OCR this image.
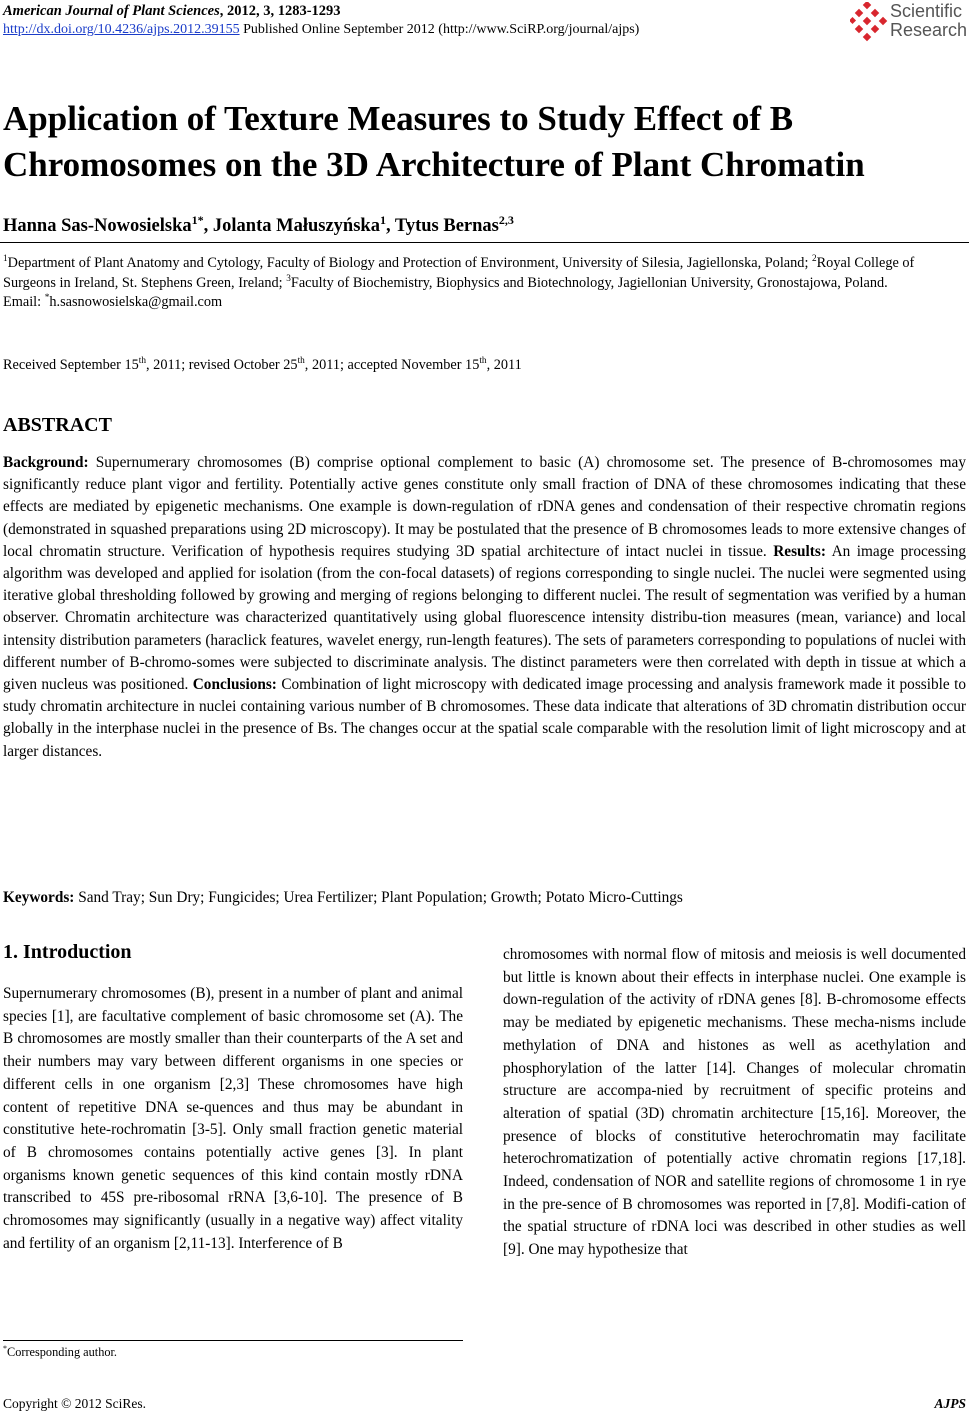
American Journal of Plant Sciences, 2012, 3, 1283-1293
http://dx.doi.org/10.4236/ajps.2012.39155 Published Online September 2012 (http://www.SciRP.org/journal/ajps)
Scientific
Research
Application of Texture Measures to Study Effect of B Chromosomes on the 3D Architecture of Plant Chromatin
Hanna Sas-Nowosielska$^{1*}$, Jolanta Małuszyńska$^1$, Tytus Bernas$^{2,3}$
$^1$Department of Plant Anatomy and Cytology, Faculty of Biology and Protection of Environment, University of Silesia, Jagiellonska, Poland; $^2$Royal College of Surgeons in Ireland, St. Stephens Green, Ireland; $^3$Faculty of Biochemistry, Biophysics and Biotechnology, Jagiellonian University, Gronostajowa, Poland.
Email: *h.sasnowosielska@gmail.com
Received September 15th, 2011; revised October 25th, 2011; accepted November 15th, 2011
ABSTRACT
Background: Supernumerary chromosomes (B) comprise optional complement to basic (A) chromosome set. The presence of B-chromosomes may significantly reduce plant vigor and fertility. Potentially active genes constitute only small fraction of DNA of these chromosomes indicating that these effects are mediated by epigenetic mechanisms. One example is down-regulation of rDNA genes and condensation of their respective chromatin regions (demonstrated in squashed preparations using 2D microscopy). It may be postulated that the presence of B chromosomes leads to more extensive changes of local chromatin structure. Verification of hypothesis requires studying 3D spatial architecture of intact nuclei in tissue. Results: An image processing algorithm was developed and applied for isolation (from the con-focal datasets) of regions corresponding to single nuclei. The nuclei were segmented using iterative global thresholding followed by growing and merging of regions belonging to different nuclei. The result of segmentation was verified by a human observer. Chromatin architecture was characterized quantitatively using global fluorescence intensity distribu-tion measures (mean, variance) and local intensity distribution parameters (haraclick features, wavelet energy, run-length features). The sets of parameters corresponding to populations of nuclei with different number of B-chromo-somes were subjected to discriminate analysis. The distinct parameters were then correlated with depth in tissue at which a given nucleus was positioned. Conclusions: Combination of light microscopy with dedicated image processing and analysis framework made it possible to study chromatin architecture in nuclei containing various number of B chromosomes. These data indicate that alterations of 3D chromatin distribution occur globally in the interphase nuclei in the presence of Bs. The changes occur at the spatial scale comparable with the resolution limit of light microscopy and at larger distances.
Keywords: Sand Tray; Sun Dry; Fungicides; Urea Fertilizer; Plant Population; Growth; Potato Micro-Cuttings
1. Introduction
Supernumerary chromosomes (B), present in a number of plant and animal species [1], are facultative complement of basic chromosome set (A). The B chromosomes are mostly smaller than their counterparts of the A set and their numbers may vary between different organisms in one species or different cells in one organism [2,3] These chromosomes have high content of repetitive DNA se-quences and thus may be abundant in constitutive hete-rochromatin [3-5]. Only small fraction genetic material of B chromosomes contains potentially active genes [3]. In plant organisms known genetic sequences of this kind contain mostly rDNA transcribed to 45S pre-ribosomal rRNA [3,6-10]. The presence of B chromosomes may significantly (usually in a negative way) affect vitality and fertility of an organism [2,11-13]. Interference of B
chromosomes with normal flow of mitosis and meiosis is well documented but little is known about their effects in interphase nuclei. One example is down-regulation of the activity of rDNA genes [8]. B-chromosome effects may be mediated by epigenetic mechanisms. These mecha-nisms include methylation of DNA and histones as well as acethylation and phosphorylation of the latter [14]. Changes of molecular chromatin structure are accompa-nied by recruitment of specific proteins and alteration of spatial (3D) chromatin architecture [15,16]. Moreover, the presence of blocks of constitutive heterochromatin may facilitate heterochromatization of potentially active chromatin regions [17,18]. Indeed, condensation of NOR and satellite regions of chromosome 1 in rye in the pre-sence of B chromosomes was reported in [7,8]. Modifi-cation of the spatial structure of rDNA loci was described in other studies as well [9]. One may hypothesize that
*Corresponding author.
Copyright © 2012 SciRes.	AJPS
